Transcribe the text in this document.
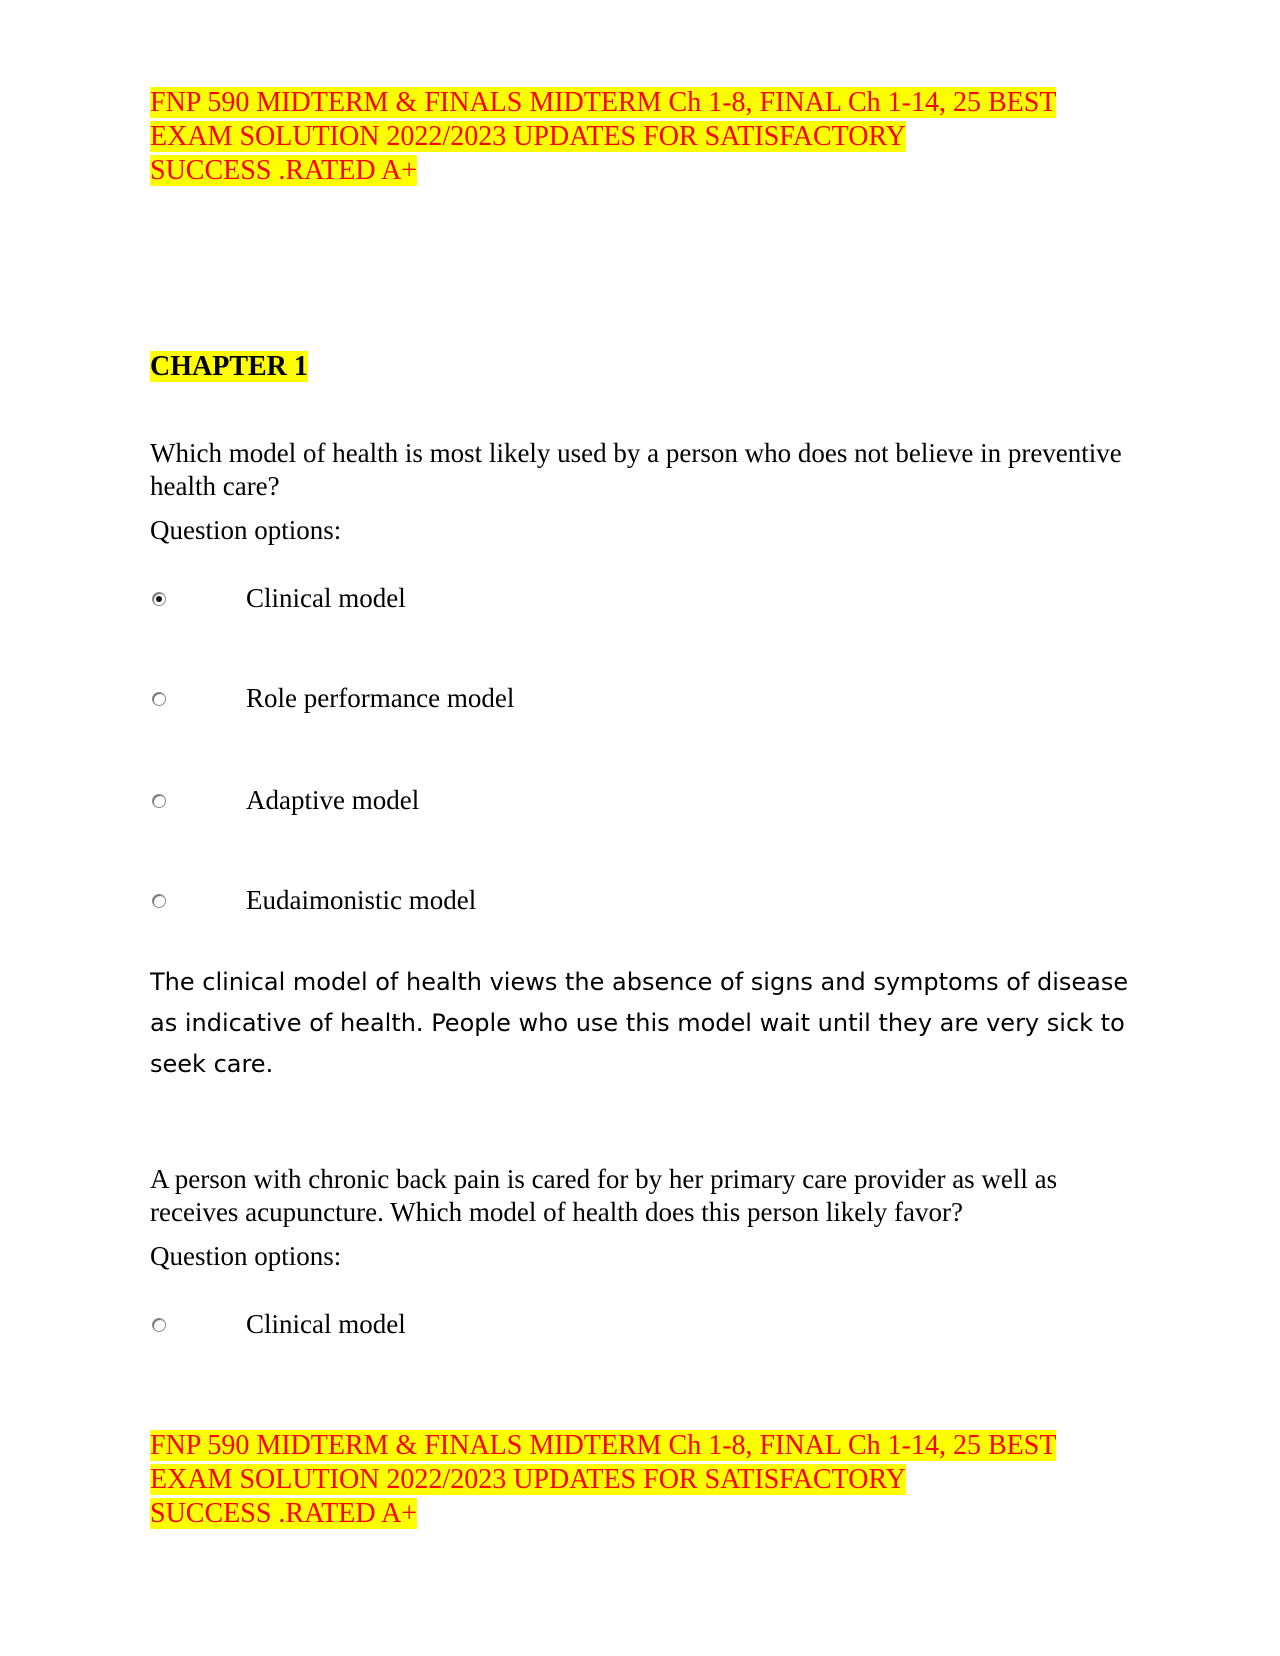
FNP 590 MIDTERM & FINALS MIDTERM Ch 1-8, FINAL Ch 1-14, 25 BEST
EXAM SOLUTION 2022/2023 UPDATES FOR SATISFACTORY
SUCCESS .RATED A+
CHAPTER 1

Which model of health is most likely used by a person who does not believe in preventive health care?

Question options:

Clinical model
Role performance model
Adaptive model
Eudaimonistic model

The clinical model of health views the absence of signs and symptoms of disease as indicative of health. People who use this model wait until they are very sick to seek care.

A person with chronic back pain is cared for by her primary care provider as well as receives acupuncture. Which model of health does this person likely favor?

Question options:

Clinical model
FNP 590 MIDTERM & FINALS MIDTERM Ch 1-8, FINAL Ch 1-14, 25 BEST
EXAM SOLUTION 2022/2023 UPDATES FOR SATISFACTORY
SUCCESS .RATED A+
